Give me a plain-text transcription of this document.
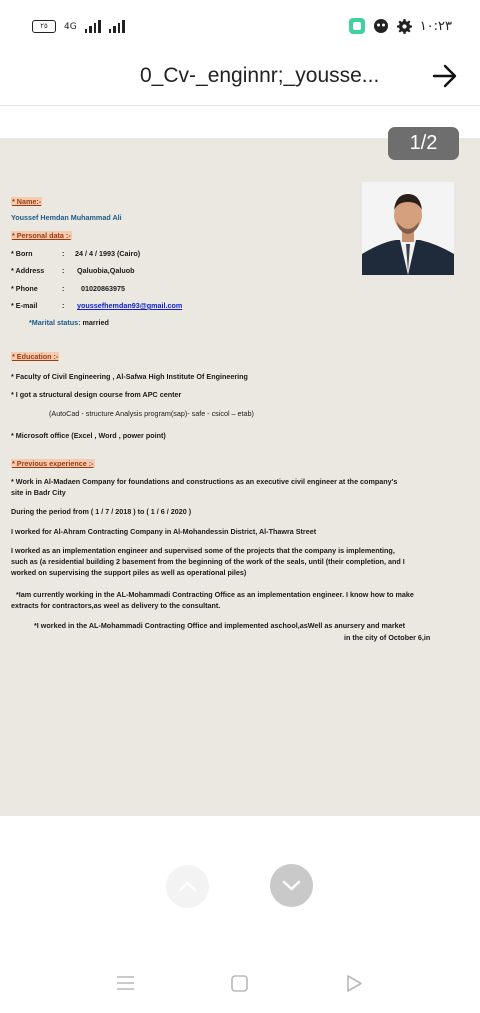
٢٥	4G	١٠:٢٣
0_Cv-_enginnr;_yousse...
1/2
* Name:-
Youssef Hemdan Muhammad Ali
* Personal data :-
* Born	: 24 / 4 / 1993 (Cairo)
* Address : Qaluobia,Qaluob
* Phone	: 01020863975
* E-mail	: youssefhemdan93@gmail.com
*Marital status: married
* Education :-
* Faculty of Civil Engineering , Al-Safwa High Institute Of Engineering
* I got a structural design course from APC center
(AutoCad - structure Analysis program(sap)- safe - csicol – etab)
* Microsoft office (Excel , Word , power point)
* Previous experience :-
* Work in Al-Madaen Company for foundations and constructions as an executive civil engineer at the company's site in Badr City
During the period from ( 1 / 7 / 2018 ) to ( 1 / 6 / 2020 )
I worked for Al-Ahram Contracting Company in Al-Mohandessin District, Al-Thawra Street
I worked as an implementation engineer and supervised some of the projects that the company is implementing, such as (a residential building 2 basement from the beginning of the work of the seals, until (their completion, and I worked on supervising the support piles as well as operational piles)
*Iam currently working in the AL-Mohammadi Contracting Office as an implementation engineer. I know how to make extracts for contractors,as weel as delivery to the consultant.
*I worked in the AL-Mohammadi Contracting Office and implemented aschool,asWell as anursery and market
in the city of October 6,in
